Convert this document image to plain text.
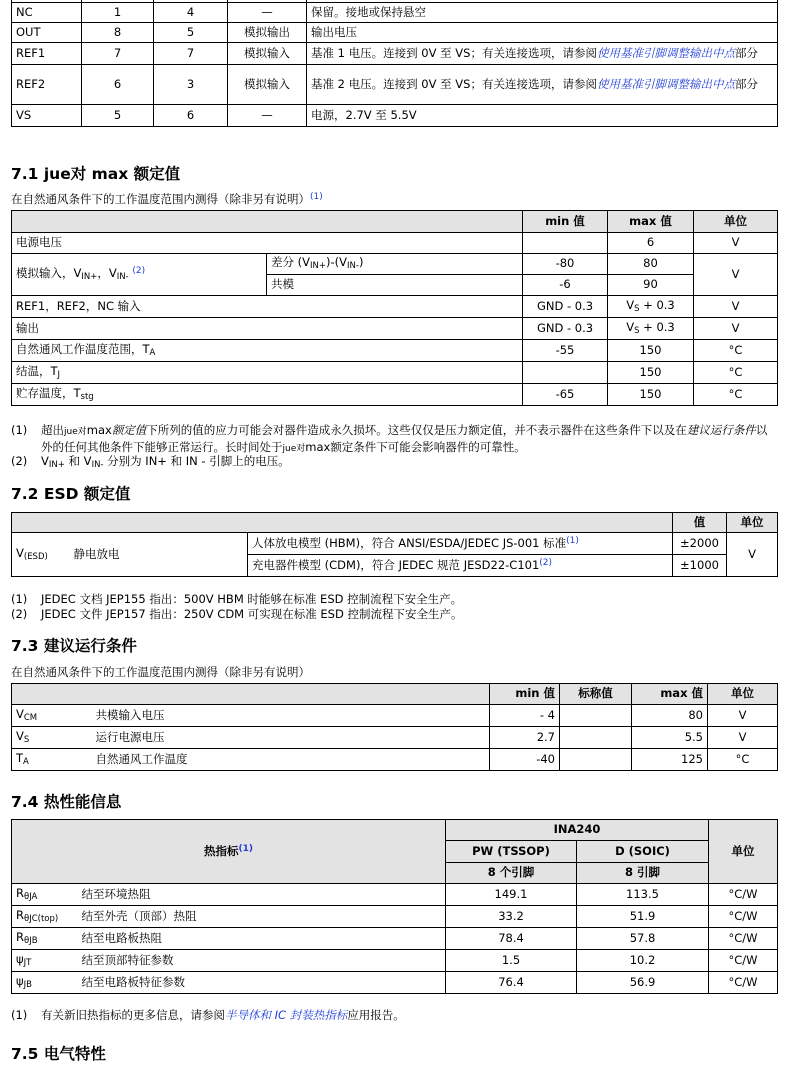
NC	1	4	—	保留。接地或保持悬空
OUT	8	5	模拟输出	输出电压
REF1	7	7	模拟输入	基准 1 电压。连接到 0V 至 VS；有关连接选项，请参阅使用基准引脚调整输出中点部分
REF2	6	3	模拟输入	基准 2 电压。连接到 0V 至 VS；有关连接选项，请参阅使用基准引脚调整输出中点部分
VS	5	6	—	电源，2.7V 至 5.5V
7.1 jue对 max 额定值
在自然通风条件下的工作温度范围内测得（除非另有说明）$^{(1)}$
		min 值	max 值	单位
电源电压			6	V
模拟输入，$V_{IN+}$，$V_{IN-}$ $^{(2)}$	差分 $(V_{IN+})-(V_{IN-})$	-80	80	V
	共模	-6	90	
REF1，REF2，NC 输入		GND - 0.3	$V_S + 0.3$	V
输出		GND - 0.3	$V_S + 0.3$	V
自然通风工作温度范围，$T_A$		-55	150	°C
结温，$T_J$			150	°C
贮存温度，$T_{stg}$		-65	150	°C
(1) 超出jue对max额定值下所列的值的应力可能会对器件造成永久损坏。这些仅仅是压力额定值，并不表示器件在这些条件下以及在建议运行条件以外的任何其他条件下能够正常运行。长时间处于jue对max额定条件下可能会影响器件的可靠性。
(2) $V_{IN+}$ 和 $V_{IN-}$ 分别为 IN+ 和 IN - 引脚上的电压。
7.2 ESD 额定值
			值	单位
$V_{(ESD)}$	静电放电	人体放电模型 (HBM)，符合 ANSI/ESDA/JEDEC JS-001 标准$^{(1)}$	±2000	V
		充电器件模型 (CDM)，符合 JEDEC 规范 $JESD22-C101^{(2)}$	±1000	
(1) JEDEC 文档 JEP155 指出：500V HBM 时能够在标准 ESD 控制流程下安全生产。
(2) JEDEC 文件 JEP157 指出：250V CDM 可实现在标准 ESD 控制流程下安全生产。
7.3 建议运行条件
在自然通风条件下的工作温度范围内测得（除非另有说明）
		min 值	标称值	max 值	单位
$V_{CM}$	共模输入电压	- 4		80	V
$V_S$	运行电源电压	2.7		5.5	V
$T_A$	自然通风工作温度	-40		125	°C
7.4 热性能信息
热指标$^{(1)}$		INA240		单位
		PW (TSSOP)	D (SOIC)	
		8 个引脚	8 引脚	
$R_{\theta JA}$	结至环境热阻	149.1	113.5	°C/W
$R_{\theta JC(top)}$	结至外壳（顶部）热阻	33.2	51.9	°C/W
$R_{\theta JB}$	结至电路板热阻	78.4	57.8	°C/W
$\psi_{JT}$	结至顶部特征参数	1.5	10.2	°C/W
$\psi_{JB}$	结至电路板特征参数	76.4	56.9	°C/W
(1) 有关新旧热指标的更多信息，请参阅半导体和 IC 封装热指标应用报告。
7.5 电气特性
